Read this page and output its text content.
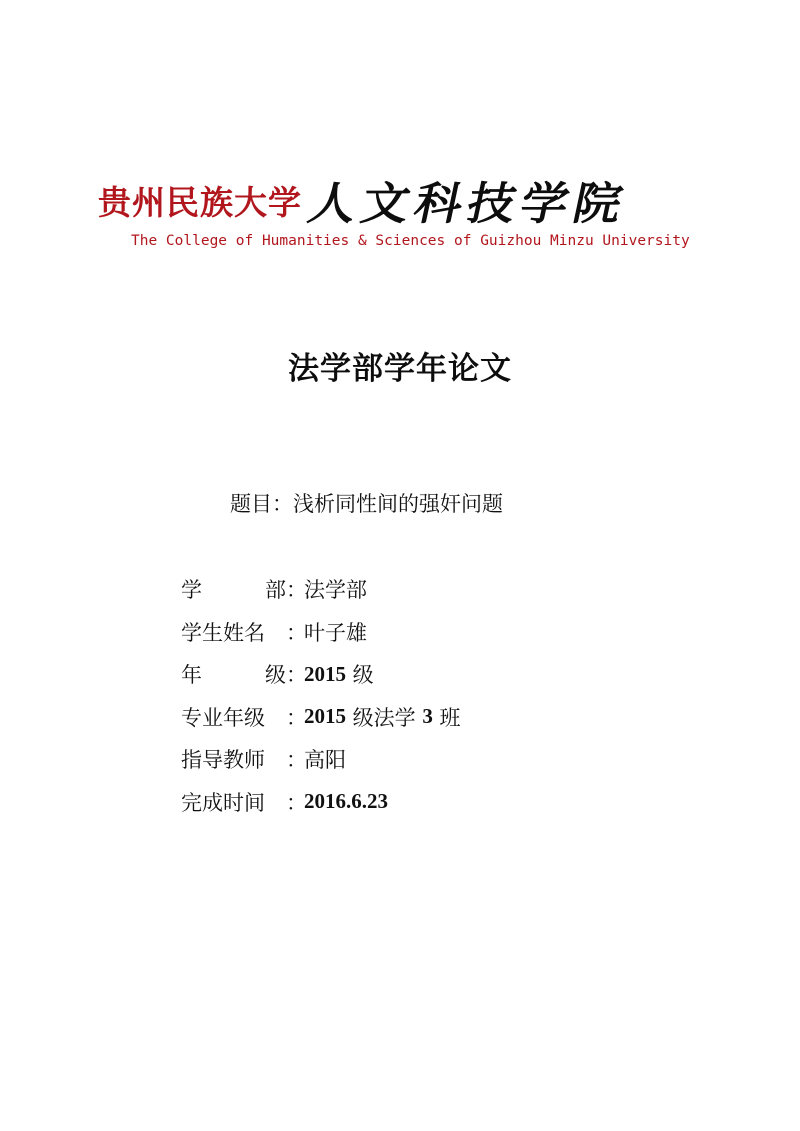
贵州民族大学 人文科技学院
The College of Humanities & Sciences of Guizhou Minzu University
法学部学年论文
题目：浅析同性间的强奸问题
学	部 ：
法学部
学生姓名	：
叶子雄
年	级 ：
2015 级
专业年级	：
2015 级法学 3 班
指导教师	：
高阳
完成时间	：
2016.6.23
